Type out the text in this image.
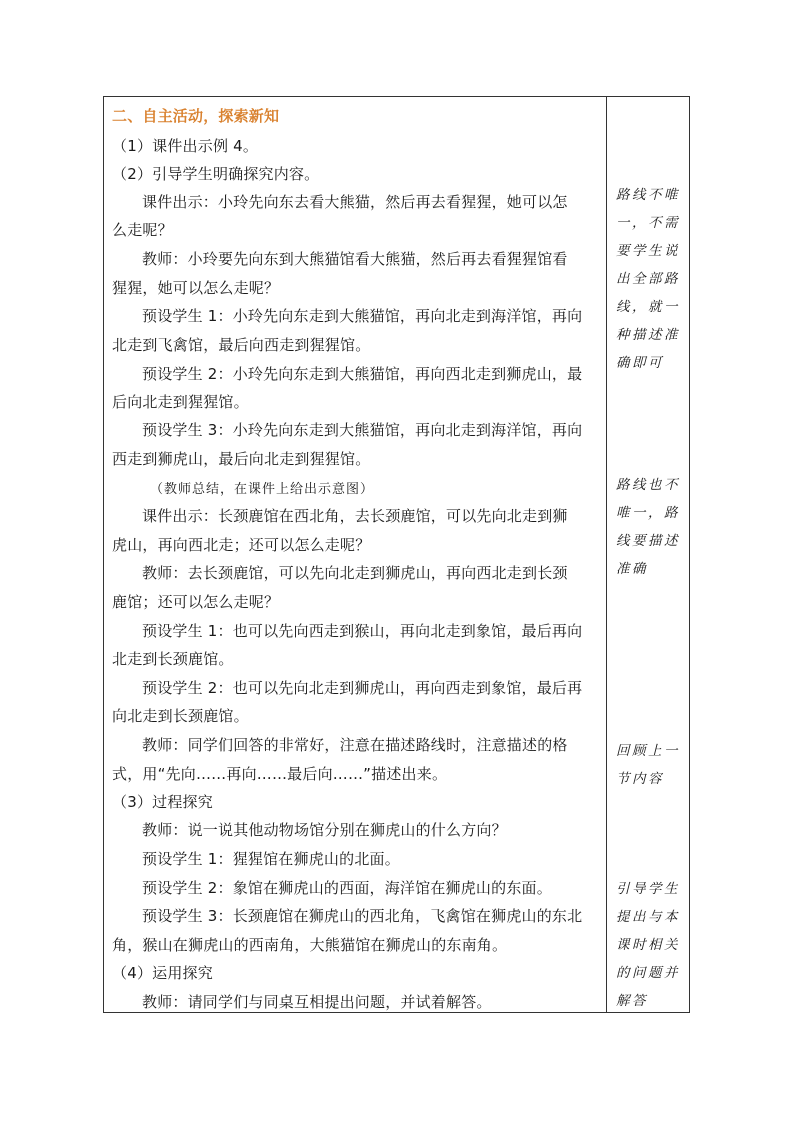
二、自主活动，探索新知
（1）课件出示例 4。
（2）引导学生明确探究内容。
课件出示：小玲先向东去看大熊猫，然后再去看猩猩，她可以怎
么走呢？
教师：小玲要先向东到大熊猫馆看大熊猫，然后再去看猩猩馆看
猩猩，她可以怎么走呢？
预设学生 1：小玲先向东走到大熊猫馆，再向北走到海洋馆，再向
北走到飞禽馆，最后向西走到猩猩馆。
预设学生 2：小玲先向东走到大熊猫馆，再向西北走到狮虎山，最
后向北走到猩猩馆。
预设学生 3：小玲先向东走到大熊猫馆，再向北走到海洋馆，再向
西走到狮虎山，最后向北走到猩猩馆。
（教师总结，在课件上给出示意图）
课件出示：长颈鹿馆在西北角，去长颈鹿馆，可以先向北走到狮
虎山，再向西北走；还可以怎么走呢？
教师：去长颈鹿馆，可以先向北走到狮虎山，再向西北走到长颈
鹿馆；还可以怎么走呢？
预设学生 1：也可以先向西走到猴山，再向北走到象馆，最后再向
北走到长颈鹿馆。
预设学生 2：也可以先向北走到狮虎山，再向西走到象馆，最后再
向北走到长颈鹿馆。
教师：同学们回答的非常好，注意在描述路线时，注意描述的格
式，用“先向……再向……最后向……”描述出来。
（3）过程探究
教师：说一说其他动物场馆分别在狮虎山的什么方向？
预设学生 1：猩猩馆在狮虎山的北面。
预设学生 2：象馆在狮虎山的西面，海洋馆在狮虎山的东面。
预设学生 3：长颈鹿馆在狮虎山的西北角，飞禽馆在狮虎山的东北
角，猴山在狮虎山的西南角，大熊猫馆在狮虎山的东南角。
（4）运用探究
教师：请同学们与同桌互相提出问题，并试着解答。
路线不唯一，不需要学生说出全部路线，就一种描述准确即可
路线也不唯一，路线要描述准确
回顾上一节内容
引导学生提出与本课时相关的问题并解答
